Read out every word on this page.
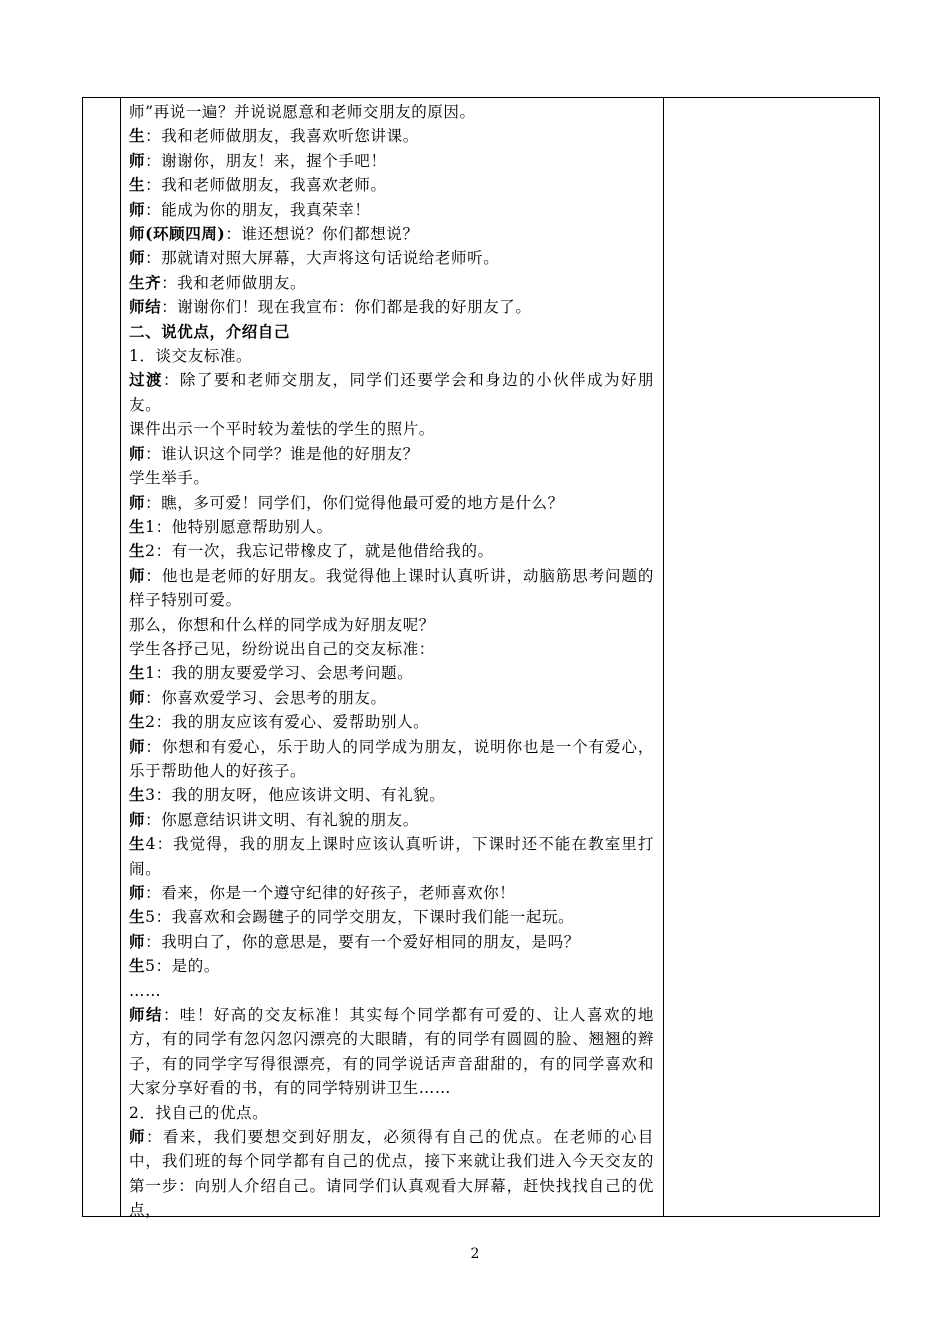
师”再说一遍？并说说愿意和老师交朋友的原因。

生：我和老师做朋友，我喜欢听您讲课。

师：谢谢你，朋友！来，握个手吧！

生：我和老师做朋友，我喜欢老师。

师：能成为你的朋友，我真荣幸！

师(环顾四周)：谁还想说？你们都想说？

师：那就请对照大屏幕，大声将这句话说给老师听。

生齐：我和老师做朋友。

师结：谢谢你们！现在我宣布：你们都是我的好朋友了。

二、说优点，介绍自己

1．谈交友标准。

过渡：除了要和老师交朋友，同学们还要学会和身边的小伙伴成为好朋友。

课件出示一个平时较为羞怯的学生的照片。

师：谁认识这个同学？谁是他的好朋友？

学生举手。

师：瞧，多可爱！同学们，你们觉得他最可爱的地方是什么？

生1：他特别愿意帮助别人。

生2：有一次，我忘记带橡皮了，就是他借给我的。

师：他也是老师的好朋友。我觉得他上课时认真听讲，动脑筋思考问题的样子特别可爱。

那么，你想和什么样的同学成为好朋友呢？

学生各抒己见，纷纷说出自己的交友标准：

生1：我的朋友要爱学习、会思考问题。

师：你喜欢爱学习、会思考的朋友。

生2：我的朋友应该有爱心、爱帮助别人。

师：你想和有爱心，乐于助人的同学成为朋友，说明你也是一个有爱心，乐于帮助他人的好孩子。

生3：我的朋友呀，他应该讲文明、有礼貌。

师：你愿意结识讲文明、有礼貌的朋友。

生4：我觉得，我的朋友上课时应该认真听讲，下课时还不能在教室里打闹。

师：看来，你是一个遵守纪律的好孩子，老师喜欢你！

生5：我喜欢和会踢毽子的同学交朋友，下课时我们能一起玩。

师：我明白了，你的意思是，要有一个爱好相同的朋友，是吗？

生5：是的。

……

师结：哇！好高的交友标准！其实每个同学都有可爱的、让人喜欢的地方，有的同学有忽闪忽闪漂亮的大眼睛，有的同学有圆圆的脸、翘翘的辫子，有的同学字写得很漂亮，有的同学说话声音甜甜的，有的同学喜欢和大家分享好看的书，有的同学特别讲卫生……

2．找自己的优点。

师：看来，我们要想交到好朋友，必须得有自己的优点。在老师的心目中，我们班的每个同学都有自己的优点，接下来就让我们进入今天交友的第一步：向别人介绍自己。请同学们认真观看大屏幕，赶快找找自己的优点，

2
